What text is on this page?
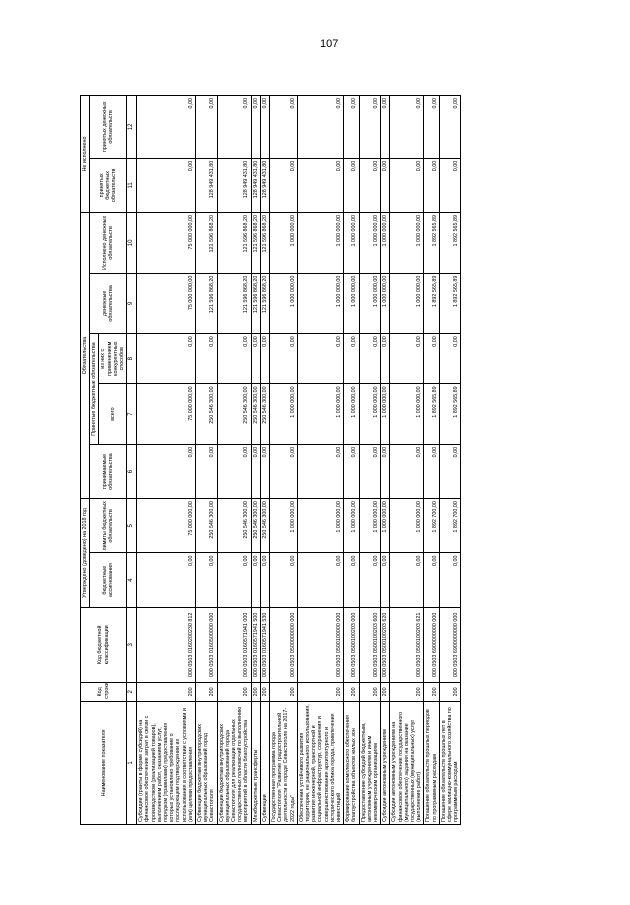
107
Наименование показателя	Код строки	Код бюджетной классификации	Утверждено (доведено) на 2018 год		Обязательства					Не исполнено	
			бюджетные ассигнования	лимиты бюджетных обязательств	принимаемые обязательства	Принятые бюджетные обязательства		денежные обязательства	Исполнено денежных обязательств	принятых бюджетных обязательств	принятых денежных обязательств
						всего	из них с применением конкурентных способов				
1	2	3	4	5	6	7	8	9	10	11	12
Субсидии (гранты в форме субсидий) на финансовое обеспечение затрат в связи с производством (реализацией товаров), выполнением работ, оказанием услуг, порядком (правилами) предоставления которых установлено требование о последующем подтверждении их использования в соответствии с условиями и (или) целями предоставления	200	000 0503 0160200230 812	0,00	75 000 000,00	0,00	75 000 000,00	0,00	75 000 000,00	75 000 000,00	0,00	0,00
Субвенции бюджетам внутригородских муниципальных образований город Севастополя	200	000 0503 0160500000 000	0,00	250 546 300,00	0,00	250 546 300,00	0,00	121 596 868,20	121 596 868,20	128 949 431,80	0,00
Субвенции бюджетам внутригородских муниципальных образований города Севастополя для реализации отдельных государственных полномочий по выполнению мероприятий в области благоустройства	200	000 0503 0160571941 000	0,00	250 546 300,00	0,00	250 546 300,00	0,00	121 596 868,20	121 596 868,20	128 949 431,80	0,00
Межбюджетные трансферты	200	000 0503 0160571941 500	0,00	250 546 300,00	0,00	250 546 300,00	0,00	121 596 868,20	121 596 868,20	128 949 431,80	0,00
Субвенции	200	000 0503 0160571941 530	0,00	250 546 300,00	0,00	250 546 300,00	0,00	121 596 868,20	121 596 868,20	128 949 431,80	0,00
Государственная программа города Севастополя "Развитие градостроительной деятельности в городе Севастополе на 2017-2022 годы"	200	000 0503 0500000000 000	0,00	1 000 000,00	0,00	1 000 000,00	0,00	1 000 000,00	1 000 000,00	0,00	0,00
Обеспечение устойчивого развития территории, ее рационального использования, развития инженерной, транспортной и социальной инфраструктур, сохранения и совершенствования архитектурного и исторического облика города, привлечения инвестиций	200	000 0503 0500100000 000	0,00	1 000 000,00	0,00	1 000 000,00	0,00	1 000 000,00	1 000 000,00	0,00	0,00
Формирование комплексного обеспечения благоустройства объектов жилых зон	200	000 0503 0500100203 000	0,00	1 000 000,00	0,00	1 000 000,00	0,00	1 000 000,00	1 000 000,00	0,00	0,00
Предоставление субсидий бюджетным, автономным учреждениям и иным некоммерческим организациям	200	000 0503 0500100203 600	0,00	1 000 000,00	0,00	1 000 000,00	0,00	1 000 000,00	1 000 000,00	0,00	0,00
Субсидии автономным учреждениям	200	000 0503 0500100203 620	0,00	1 000 000,00	0,00	1 000 000,00	0,00	1 000 000,00	1 000 000,00	0,00	0,00
Субсидии автономным учреждениям на финансовое обеспечение государственного (муниципального) задания на оказание государственных (муниципальных) услуг (выполнение работ)	200	000 0503 0500100203 621	0,00	1 000 000,00	0,00	1 000 000,00	0,00	1 000 000,00	1 000 000,00	0,00	0,00
Погашение обязательств прошлых периодов по программным расходам	200	000 0503 6900000000 000	0,00	1 892 700,00	0,00	1 892 565,89	0,00	1 892 565,89	1 892 565,89	0,00	0,00
Погашение обязательств прошлых лет в сфере жилищно-коммунального хозяйства по программным расходам	200	000 0503 6900000000 000	0,00	1 892 700,00	0,00	1 892 565,89	0,00	1 892 565,89	1 892 565,89	0,00	0,00
